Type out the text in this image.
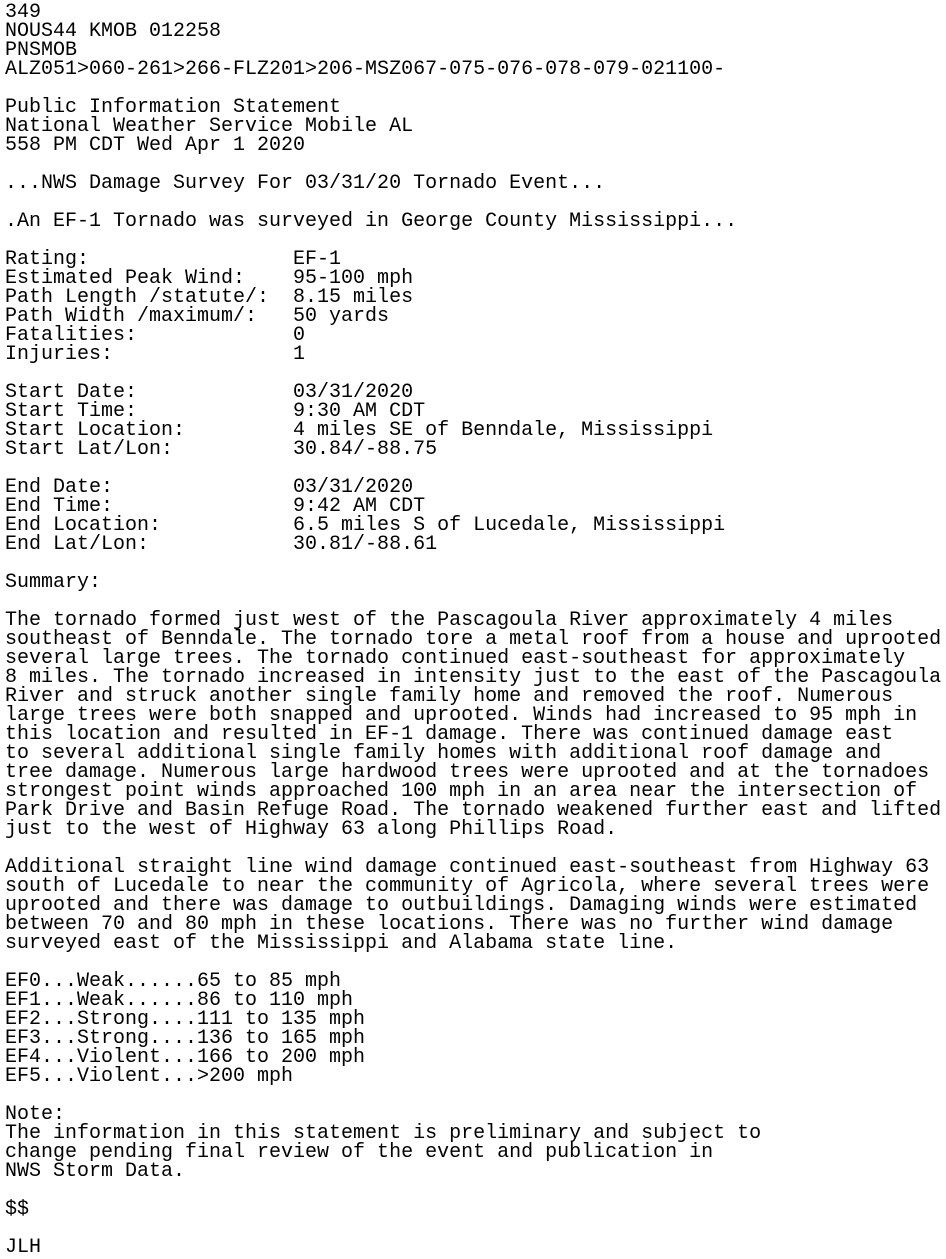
349
NOUS44 KMOB 012258
PNSMOB
ALZ051>060-261>266-FLZ201>206-MSZ067-075-076-078-079-021100-
Public Information Statement
National Weather Service Mobile AL
558 PM CDT Wed Apr 1 2020
...NWS Damage Survey For 03/31/20 Tornado Event...
.An EF-1 Tornado was surveyed in George County Mississippi...
Rating:                 EF-1
Estimated Peak Wind:    95-100 mph
Path Length /statute/:  8.15 miles
Path Width /maximum/:   50 yards
Fatalities:             0
Injuries:               1
Start Date:             03/31/2020
Start Time:             9:30 AM CDT
Start Location:         4 miles SE of Benndale, Mississippi
Start Lat/Lon:          30.84/-88.75
End Date:               03/31/2020
End Time:               9:42 AM CDT
End Location:           6.5 miles S of Lucedale, Mississippi
End Lat/Lon:            30.81/-88.61
Summary:
The tornado formed just west of the Pascagoula River approximately 4 miles
southeast of Benndale. The tornado tore a metal roof from a house and uprooted
several large trees. The tornado continued east-southeast for approximately
8 miles. The tornado increased in intensity just to the east of the Pascagoula
River and struck another single family home and removed the roof. Numerous
large trees were both snapped and uprooted. Winds had increased to 95 mph in
this location and resulted in EF-1 damage. There was continued damage east
to several additional single family homes with additional roof damage and
tree damage. Numerous large hardwood trees were uprooted and at the tornadoes
strongest point winds approached 100 mph in an area near the intersection of
Park Drive and Basin Refuge Road. The tornado weakened further east and lifted
just to the west of Highway 63 along Phillips Road.
Additional straight line wind damage continued east-southeast from Highway 63
south of Lucedale to near the community of Agricola, where several trees were
uprooted and there was damage to outbuildings. Damaging winds were estimated
between 70 and 80 mph in these locations. There was no further wind damage
surveyed east of the Mississippi and Alabama state line.
EF0...Weak......65 to 85 mph
EF1...Weak......86 to 110 mph
EF2...Strong....111 to 135 mph
EF3...Strong....136 to 165 mph
EF4...Violent...166 to 200 mph
EF5...Violent...>200 mph
Note:
The information in this statement is preliminary and subject to
change pending final review of the event and publication in
NWS Storm Data.
$$
JLH
